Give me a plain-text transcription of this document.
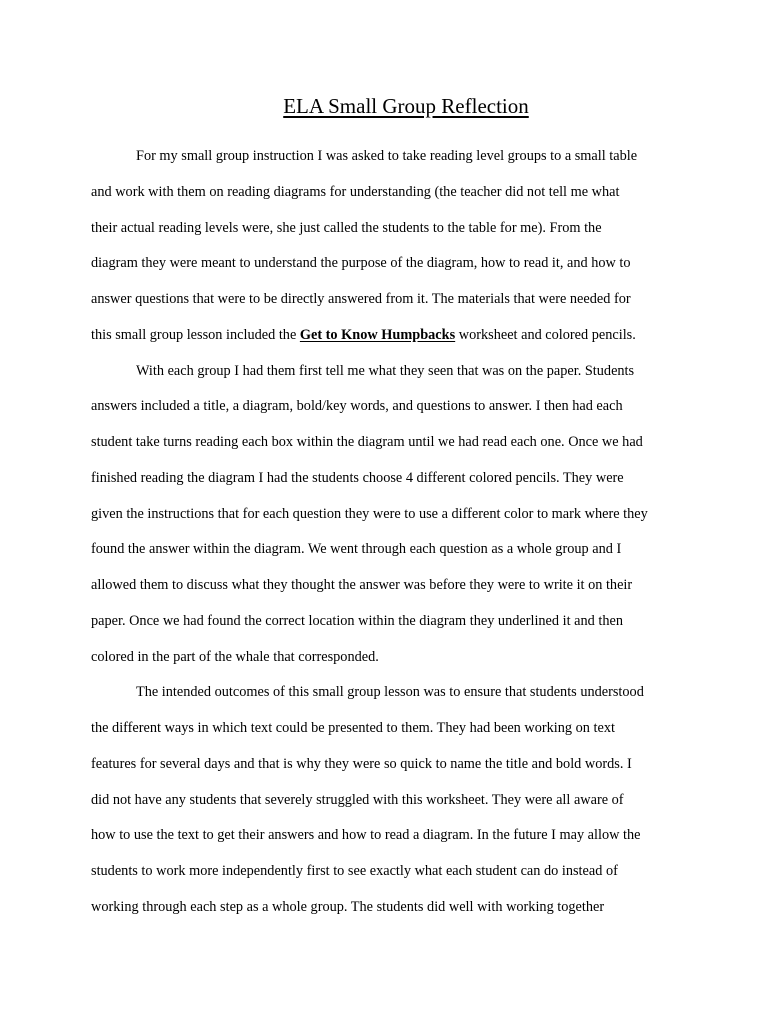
ELA Small Group Reflection
For my small group instruction I was asked to take reading level groups to a small table
and work with them on reading diagrams for understanding (the teacher did not tell me what
their actual reading levels were, she just called the students to the table for me). From the
diagram they were meant to understand the purpose of the diagram, how to read it, and how to
answer questions that were to be directly answered from it. The materials that were needed for
this small group lesson included the Get to Know Humpbacks worksheet and colored pencils.
With each group I had them first tell me what they seen that was on the paper. Students
answers included a title, a diagram, bold/key words, and questions to answer. I then had each
student take turns reading each box within the diagram until we had read each one. Once we had
finished reading the diagram I had the students choose 4 different colored pencils. They were
given the instructions that for each question they were to use a different color to mark where they
found the answer within the diagram. We went through each question as a whole group and I
allowed them to discuss what they thought the answer was before they were to write it on their
paper. Once we had found the correct location within the diagram they underlined it and then
colored in the part of the whale that corresponded.
The intended outcomes of this small group lesson was to ensure that students understood
the different ways in which text could be presented to them. They had been working on text
features for several days and that is why they were so quick to name the title and bold words. I
did not have any students that severely struggled with this worksheet. They were all aware of
how to use the text to get their answers and how to read a diagram. In the future I may allow the
students to work more independently first to see exactly what each student can do instead of
working through each step as a whole group. The students did well with working together
